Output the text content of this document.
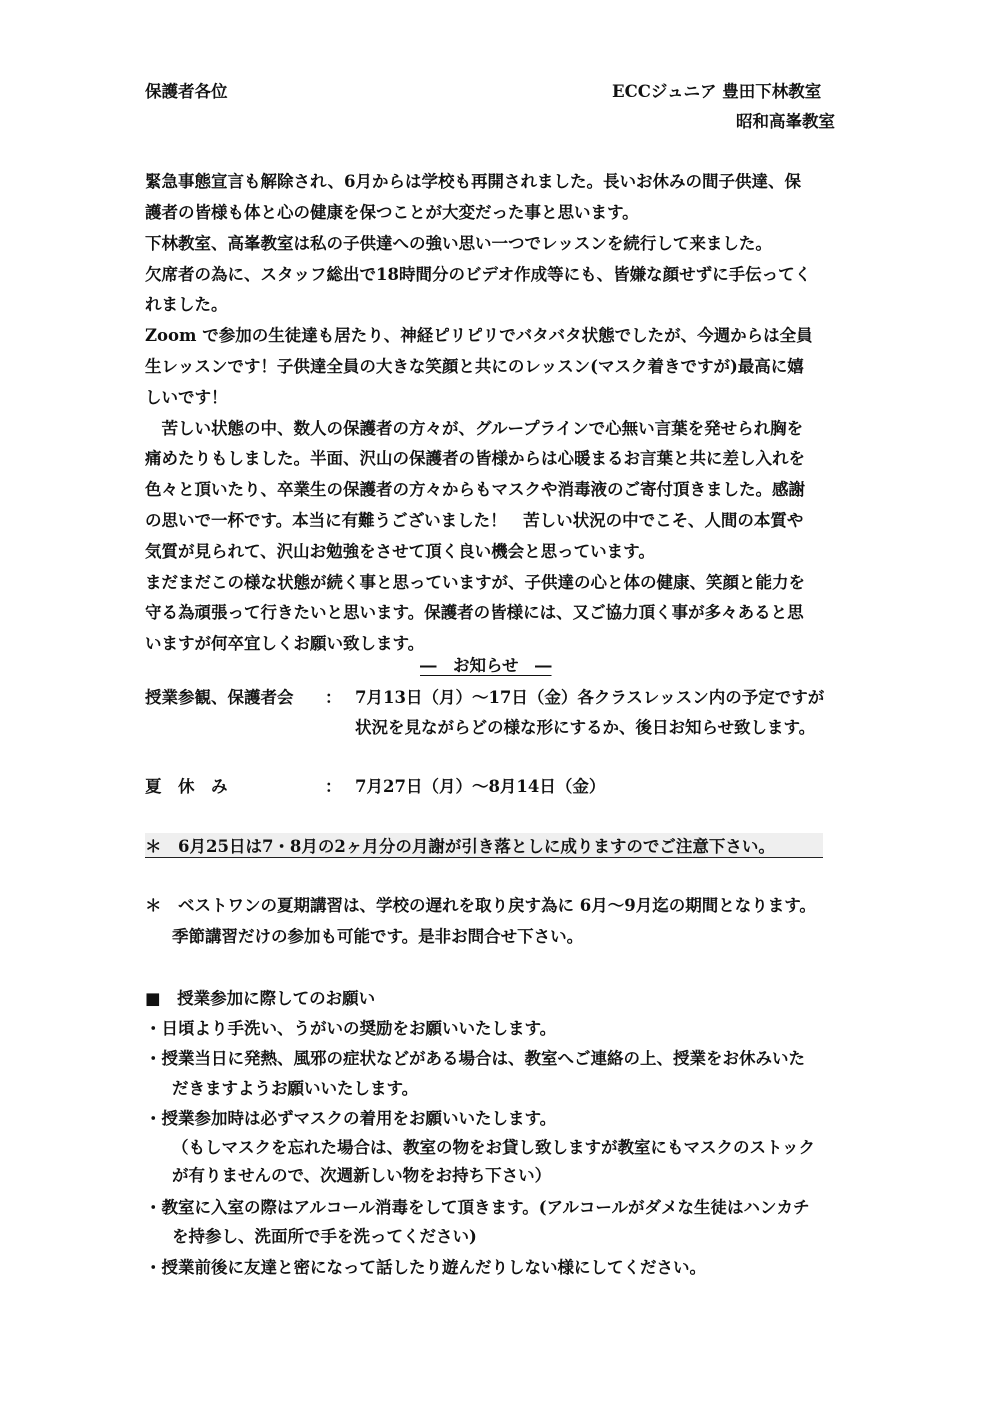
保護者各位	ECCジュニア 豊田下林教室
昭和高峯教室
緊急事態宣言も解除され、6月からは学校も再開されました。長いお休みの間子供達、保
護者の皆様も体と心の健康を保つことが大変だった事と思います。
下林教室、高峯教室は私の子供達への強い思い一つでレッスンを続行して来ました。
欠席者の為に、スタッフ総出で18時間分のビデオ作成等にも、皆嫌な顔せずに手伝ってく
れました。
Zoom で参加の生徒達も居たり、神経ピリピリでバタバタ状態でしたが、今週からは全員
生レッスンです！子供達全員の大きな笑顔と共にのレッスン(マスク着きですが)最高に嬉
しいです！
　苦しい状態の中、数人の保護者の方々が、グループラインで心無い言葉を発せられ胸を
痛めたりもしました。半面、沢山の保護者の皆様からは心暖まるお言葉と共に差し入れを
色々と頂いたり、卒業生の保護者の方々からもマスクや消毒液のご寄付頂きました。感謝
の思いで一杯です。本当に有難うございました！　苦しい状況の中でこそ、人間の本質や
気質が見られて、沢山お勉強をさせて頂く良い機会と思っています。
まだまだこの様な状態が続く事と思っていますが、子供達の心と体の健康、笑顔と能力を
守る為頑張って行きたいと思います。保護者の皆様には、又ご協力頂く事が多々あると思
いますが何卒宜しくお願い致します。
―　お知らせ　―
授業参観、保護者会 ： 7月13日（月）～17日（金）各クラスレッスン内の予定ですが
状況を見ながらどの様な形にするか、後日お知らせ致します。
夏　休　み	： 7月27日（月）～8月14日（金）
＊　6月25日は7・8月の2ヶ月分の月謝が引き落としに成りますのでご注意下さい。
＊　ベストワンの夏期講習は、学校の遅れを取り戻す為に 6月～9月迄の期間となります。
季節講習だけの参加も可能です。是非お問合せ下さい。
■　授業参加に際してのお願い
・日頃より手洗い、うがいの奨励をお願いいたします。
・授業当日に発熱、風邪の症状などがある場合は、教室へご連絡の上、授業をお休みいた
だきますようお願いいたします。
・授業参加時は必ずマスクの着用をお願いいたします。
（もしマスクを忘れた場合は、教室の物をお貸し致しますが教室にもマスクのストック
が有りませんので、次週新しい物をお持ち下さい）
・教室に入室の際はアルコール消毒をして頂きます。(アルコールがダメな生徒はハンカチ
を持参し、洗面所で手を洗ってください)
・授業前後に友達と密になって話したり遊んだりしない様にしてください。
